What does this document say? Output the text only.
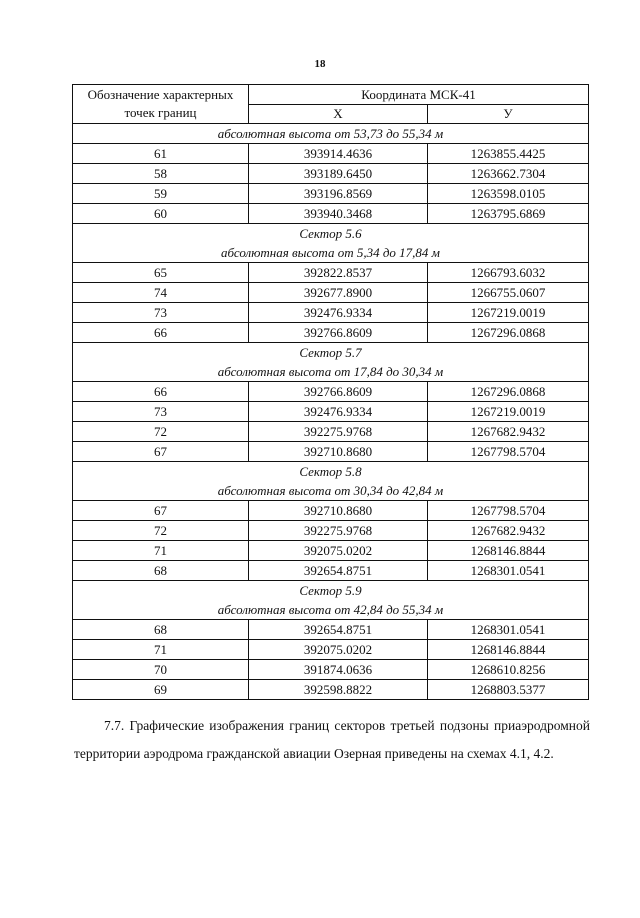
18
Обозначение характерных
точек границ	Координата МСК-41	
	X	У
абсолютная высота от 53,73 до 55,34 м		
61	393914.4636	1263855.4425
58	393189.6450	1263662.7304
59	393196.8569	1263598.0105
60	393940.3468	1263795.6869
Сектор 5.6		
абсолютная высота от 5,34 до 17,84 м		
65	392822.8537	1266793.6032
74	392677.8900	1266755.0607
73	392476.9334	1267219.0019
66	392766.8609	1267296.0868
Сектор 5.7		
абсолютная высота от 17,84 до 30,34 м		
66	392766.8609	1267296.0868
73	392476.9334	1267219.0019
72	392275.9768	1267682.9432
67	392710.8680	1267798.5704
Сектор 5.8		
абсолютная высота от 30,34 до 42,84 м		
67	392710.8680	1267798.5704
72	392275.9768	1267682.9432
71	392075.0202	1268146.8844
68	392654.8751	1268301.0541
Сектор 5.9		
абсолютная высота от 42,84 до 55,34 м		
68	392654.8751	1268301.0541
71	392075.0202	1268146.8844
70	391874.0636	1268610.8256
69	392598.8822	1268803.5377
7.7. Графические изображения границ секторов третьей подзоны приаэродромной территории аэродрома гражданской авиации Озерная приведены на схемах 4.1, 4.2.
